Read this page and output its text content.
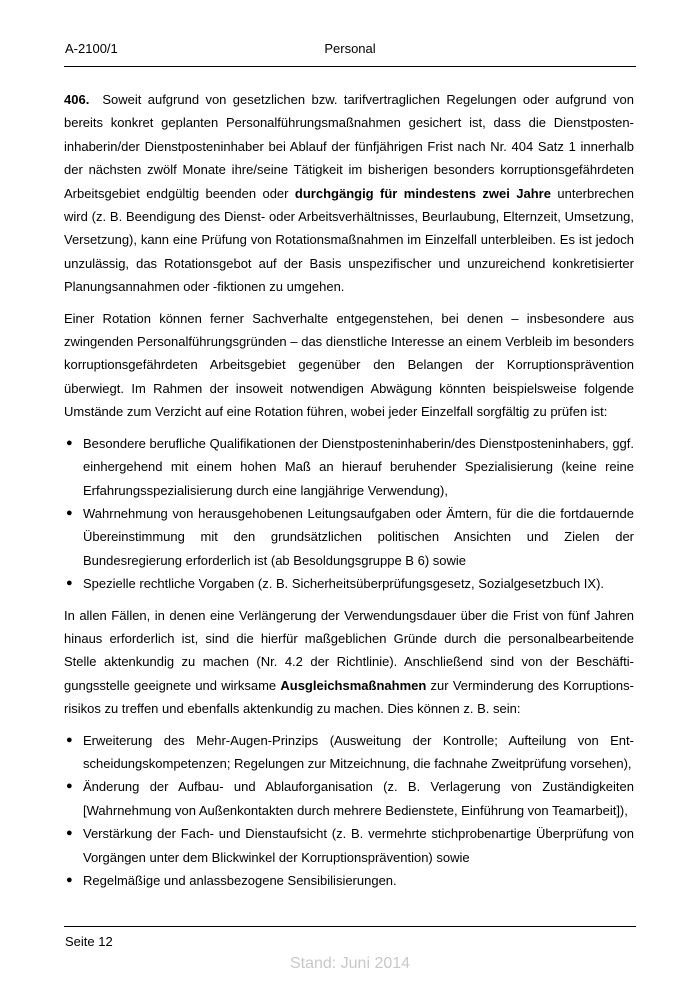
A-2100/1	Personal

406. Soweit aufgrund von gesetzlichen bzw. tarifvertraglichen Regelungen oder aufgrund von bereits konkret geplanten Personalführungsmaßnahmen gesichert ist, dass die Dienstposteninhaberin/der Dienstposteninhaber bei Ablauf der fünfjährigen Frist nach Nr. 404 Satz 1 innerhalb der nächsten zwölf Monate ihre/seine Tätigkeit im bisherigen besonders korruptionsgefährdeten Arbeitsgebiet endgültig beenden oder durchgängig für mindestens zwei Jahre unterbrechen wird (z. B. Beendigung des Dienst- oder Arbeitsverhältnisses, Beurlaubung, Elternzeit, Umsetzung, Versetzung), kann eine Prüfung von Rotationsmaßnahmen im Einzelfall unterbleiben. Es ist jedoch unzulässig, das Rotationsgebot auf der Basis unspezifischer und unzureichend konkretisierter Planungsannahmen oder -fiktionen zu umgehen.

Einer Rotation können ferner Sachverhalte entgegenstehen, bei denen – insbesondere aus zwingenden Personalführungsgründen – das dienstliche Interesse an einem Verbleib im besonders korruptionsgefährdeten Arbeitsgebiet gegenüber den Belangen der Korruptionsprävention überwiegt. Im Rahmen der insoweit notwendigen Abwägung könnten beispielsweise folgende Umstände zum Verzicht auf eine Rotation führen, wobei jeder Einzelfall sorgfältig zu prüfen ist:

● Besondere berufliche Qualifikationen der Dienstposteninhaberin/des Dienstposteninhabers, ggf. einhergehend mit einem hohen Maß an hierauf beruhender Spezialisierung (keine reine Erfahrungsspezialisierung durch eine langjährige Verwendung),
● Wahrnehmung von herausgehobenen Leitungsaufgaben oder Ämtern, für die die fortdauernde Übereinstimmung mit den grundsätzlichen politischen Ansichten und Zielen der Bundesregierung erforderlich ist (ab Besoldungsgruppe B 6) sowie
● Spezielle rechtliche Vorgaben (z. B. Sicherheitsüberprüfungsgesetz, Sozialgesetzbuch IX).

In allen Fällen, in denen eine Verlängerung der Verwendungsdauer über die Frist von fünf Jahren hinaus erforderlich ist, sind die hierfür maßgeblichen Gründe durch die personalbearbeitende Stelle aktenkundig zu machen (Nr. 4.2 der Richtlinie). Anschließend sind von der Beschäftigungsstelle geeignete und wirksame Ausgleichsmaßnahmen zur Verminderung des Korruptionsrisikos zu treffen und ebenfalls aktenkundig zu machen. Dies können z. B. sein:

● Erweiterung des Mehr-Augen-Prinzips (Ausweitung der Kontrolle; Aufteilung von Entscheidungskompetenzen; Regelungen zur Mitzeichnung, die fachnahe Zweitprüfung vorsehen),
● Änderung der Aufbau- und Ablauforganisation (z. B. Verlagerung von Zuständigkeiten [Wahrnehmung von Außenkontakten durch mehrere Bedienstete, Einführung von Teamarbeit]),
● Verstärkung der Fach- und Dienstaufsicht (z. B. vermehrte stichprobenartige Überprüfung von Vorgängen unter dem Blickwinkel der Korruptionsprävention) sowie
● Regelmäßige und anlassbezogene Sensibilisierungen.
Seite 12
Stand: Juni 2014
